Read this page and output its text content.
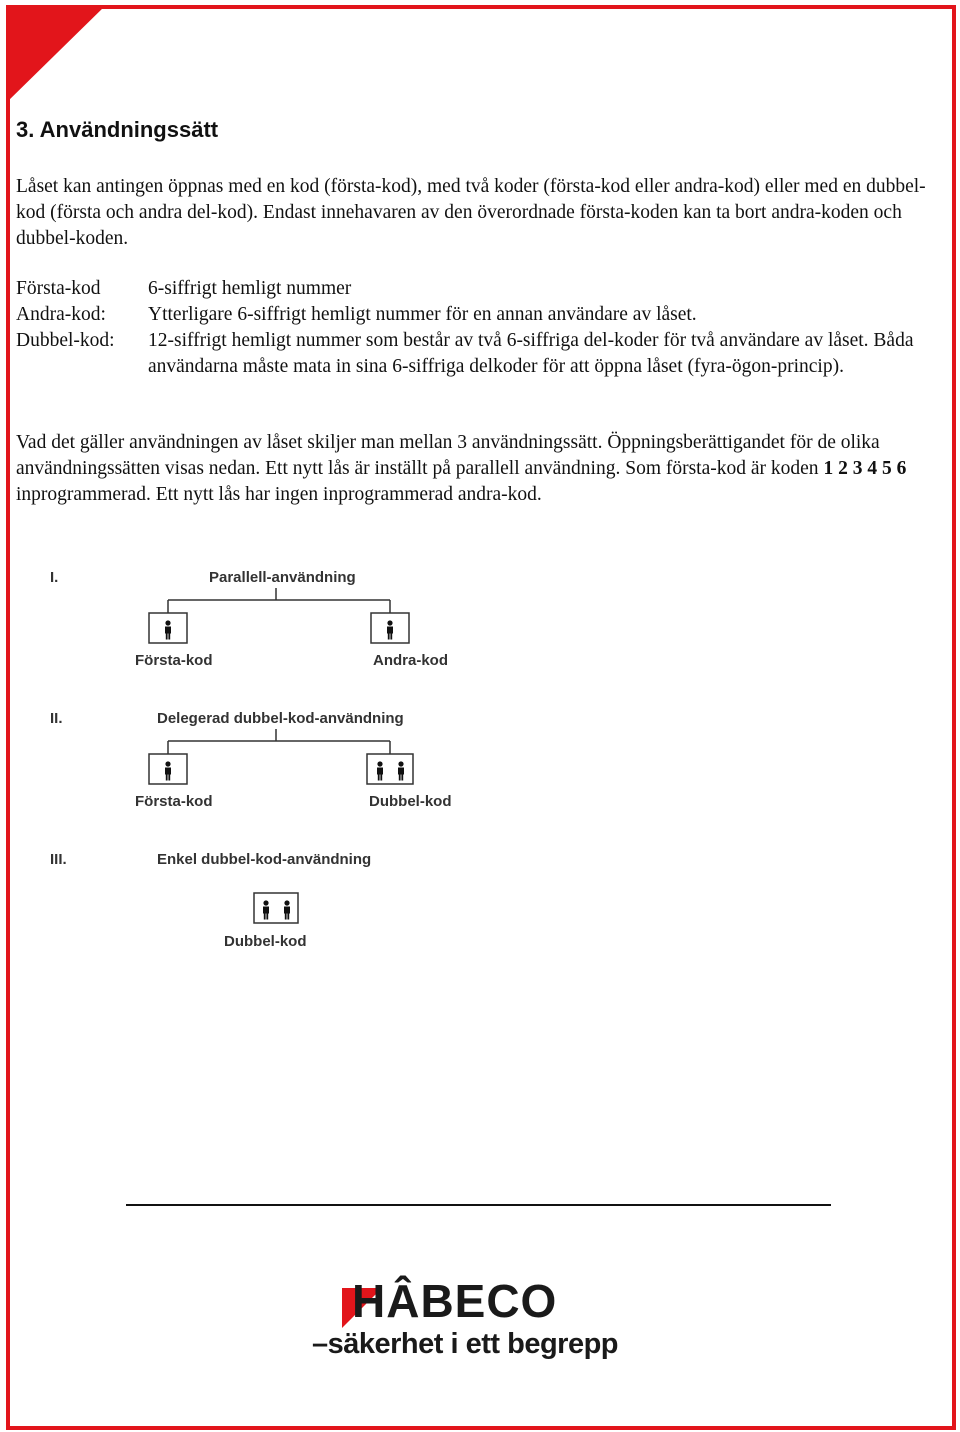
3. Användningssätt

Låset kan antingen öppnas med en kod (första-kod), med två koder (första-kod eller andra-kod) eller med en dubbel-kod (första och andra del-kod). Endast innehavaren av den överordnade första-koden kan ta bort andra-koden och dubbel-koden.

Första-kod	6-siffrigt hemligt nummer
Andra-kod:	Ytterligare 6-siffrigt hemligt nummer för en annan användare av låset.
Dubbel-kod:	12-siffrigt hemligt nummer som består av två 6-siffriga del-koder för två användare av låset. Båda användarna måste mata in sina 6-siffriga delkoder för att öppna låset (fyra-ögon-princip).

Vad det gäller användningen av låset skiljer man mellan 3 användningssätt. Öppningsberättigandet för de olika användningssätten visas nedan. Ett nytt lås är inställt på parallell användning. Som första-kod är koden 1 2 3 4 5 6 inprogrammerad. Ett nytt lås har ingen inprogrammerad andra-kod.

I.	Parallell-användning
Första-kod	Andra-kod
II.	Delegerad dubbel-kod-användning
Första-kod	Dubbel-kod
III.	Enkel dubbel-kod-användning
Dubbel-kod
HÂBECO
–säkerhet i ett begrepp
